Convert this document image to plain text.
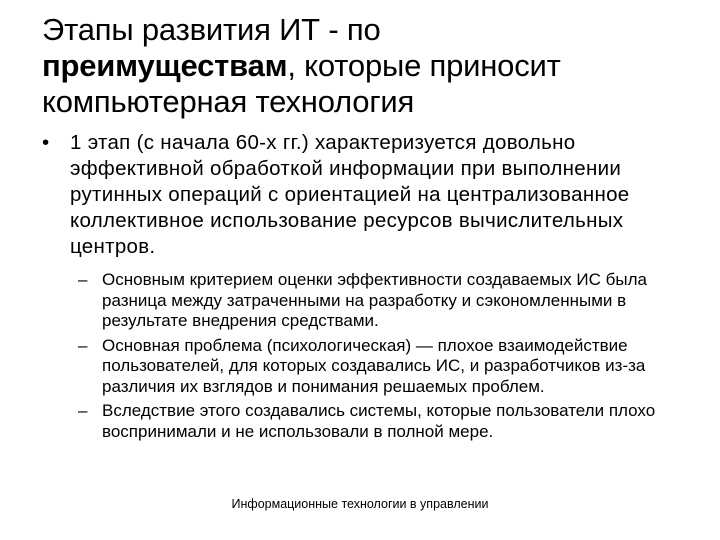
Этапы развития ИТ - по
преимуществам, которые приносит
компьютерная технология

• 1 этап (с начала 60-х гг.) характеризуется довольно эффективной обработкой информации при выполнении рутинных операций с ориентацией на централизованное коллективное использование ресурсов вычислительных центров.

– Основным критерием оценки эффективности создаваемых ИС была разница между затраченными на разработку и сэкономленными в результате внедрения средствами.

– Основная проблема (психологическая) — плохое взаимодействие пользователей, для которых создавались ИС, и разработчиков из-за различия их взглядов и понимания решаемых проблем.

– Вследствие этого создавались системы, которые пользователи плохо воспринимали и не использовали в полной мере.

Информационные технологии в управлении
